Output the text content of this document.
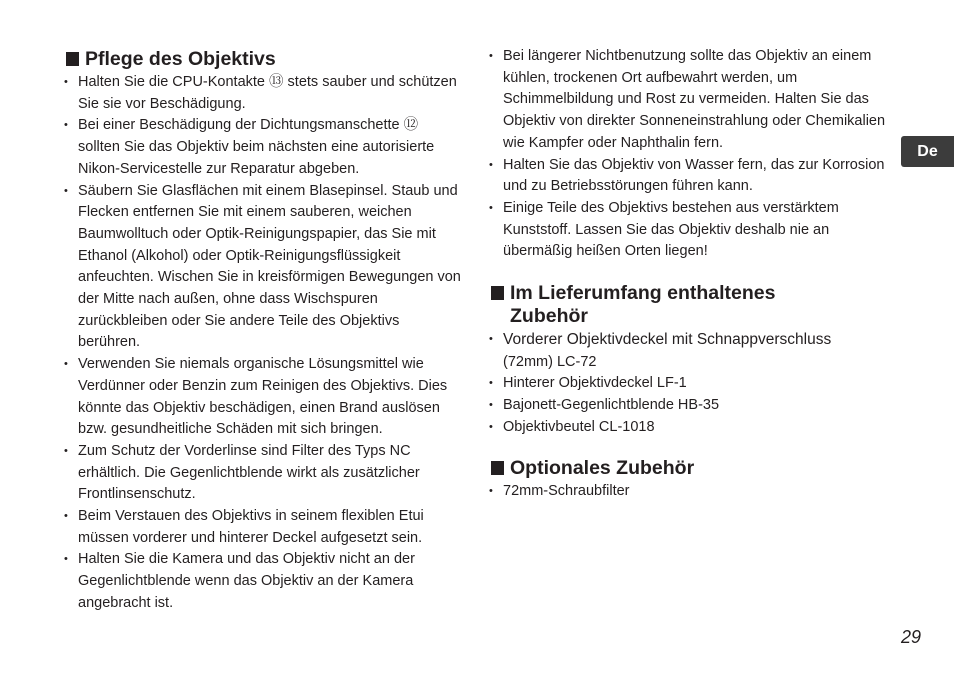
Pflege des Objektivs
• Halten Sie die CPU-Kontakte ⑬ stets sauber und schützen Sie sie vor Beschädigung.
• Bei einer Beschädigung der Dichtungsmanschette ⑫ sollten Sie das Objektiv beim nächsten eine autorisierte Nikon-Servicestelle zur Reparatur abgeben.
• Säubern Sie Glasflächen mit einem Blasepinsel. Staub und Flecken entfernen Sie mit einem sauberen, weichen Baumwolltuch oder Optik-Reinigungspapier, das Sie mit Ethanol (Alkohol) oder Optik-Reinigungsflüssigkeit anfeuchten. Wischen Sie in kreisförmigen Bewegungen von der Mitte nach außen, ohne dass Wischspuren zurückbleiben oder Sie andere Teile des Objektivs berühren.
• Verwenden Sie niemals organische Lösungsmittel wie Verdünner oder Benzin zum Reinigen des Objektivs. Dies könnte das Objektiv beschädigen, einen Brand auslösen bzw. gesundheitliche Schäden mit sich bringen.
• Zum Schutz der Vorderlinse sind Filter des Typs NC erhältlich. Die Gegenlichtblende wirkt als zusätzlicher Frontlinsenschutz.
• Beim Verstauen des Objektivs in seinem flexiblen Etui müssen vorderer und hinterer Deckel aufgesetzt sein.
• Halten Sie die Kamera und das Objektiv nicht an der Gegenlichtblende wenn das Objektiv an der Kamera angebracht ist.
• Bei längerer Nichtbenutzung sollte das Objektiv an einem kühlen, trockenen Ort aufbewahrt werden, um Schimmelbildung und Rost zu vermeiden. Halten Sie das Objektiv von direkter Sonneneinstrahlung oder Chemikalien wie Kampfer oder Naphthalin fern.
• Halten Sie das Objektiv von Wasser fern, das zur Korrosion und zu Betriebsstörungen führen kann.
• Einige Teile des Objektivs bestehen aus verstärktem Kunststoff. Lassen Sie das Objektiv deshalb nie an übermäßig heißen Orten liegen!
Im Lieferumfang enthaltenes
Zubehör
• Vorderer Objektivdeckel mit Schnappverschluss
(72mm) LC-72
• Hinterer Objektivdeckel LF-1
• Bajonett-Gegenlichtblende HB-35
• Objektivbeutel CL-1018
Optionales Zubehör
• 72mm-Schraubfilter
De
29
